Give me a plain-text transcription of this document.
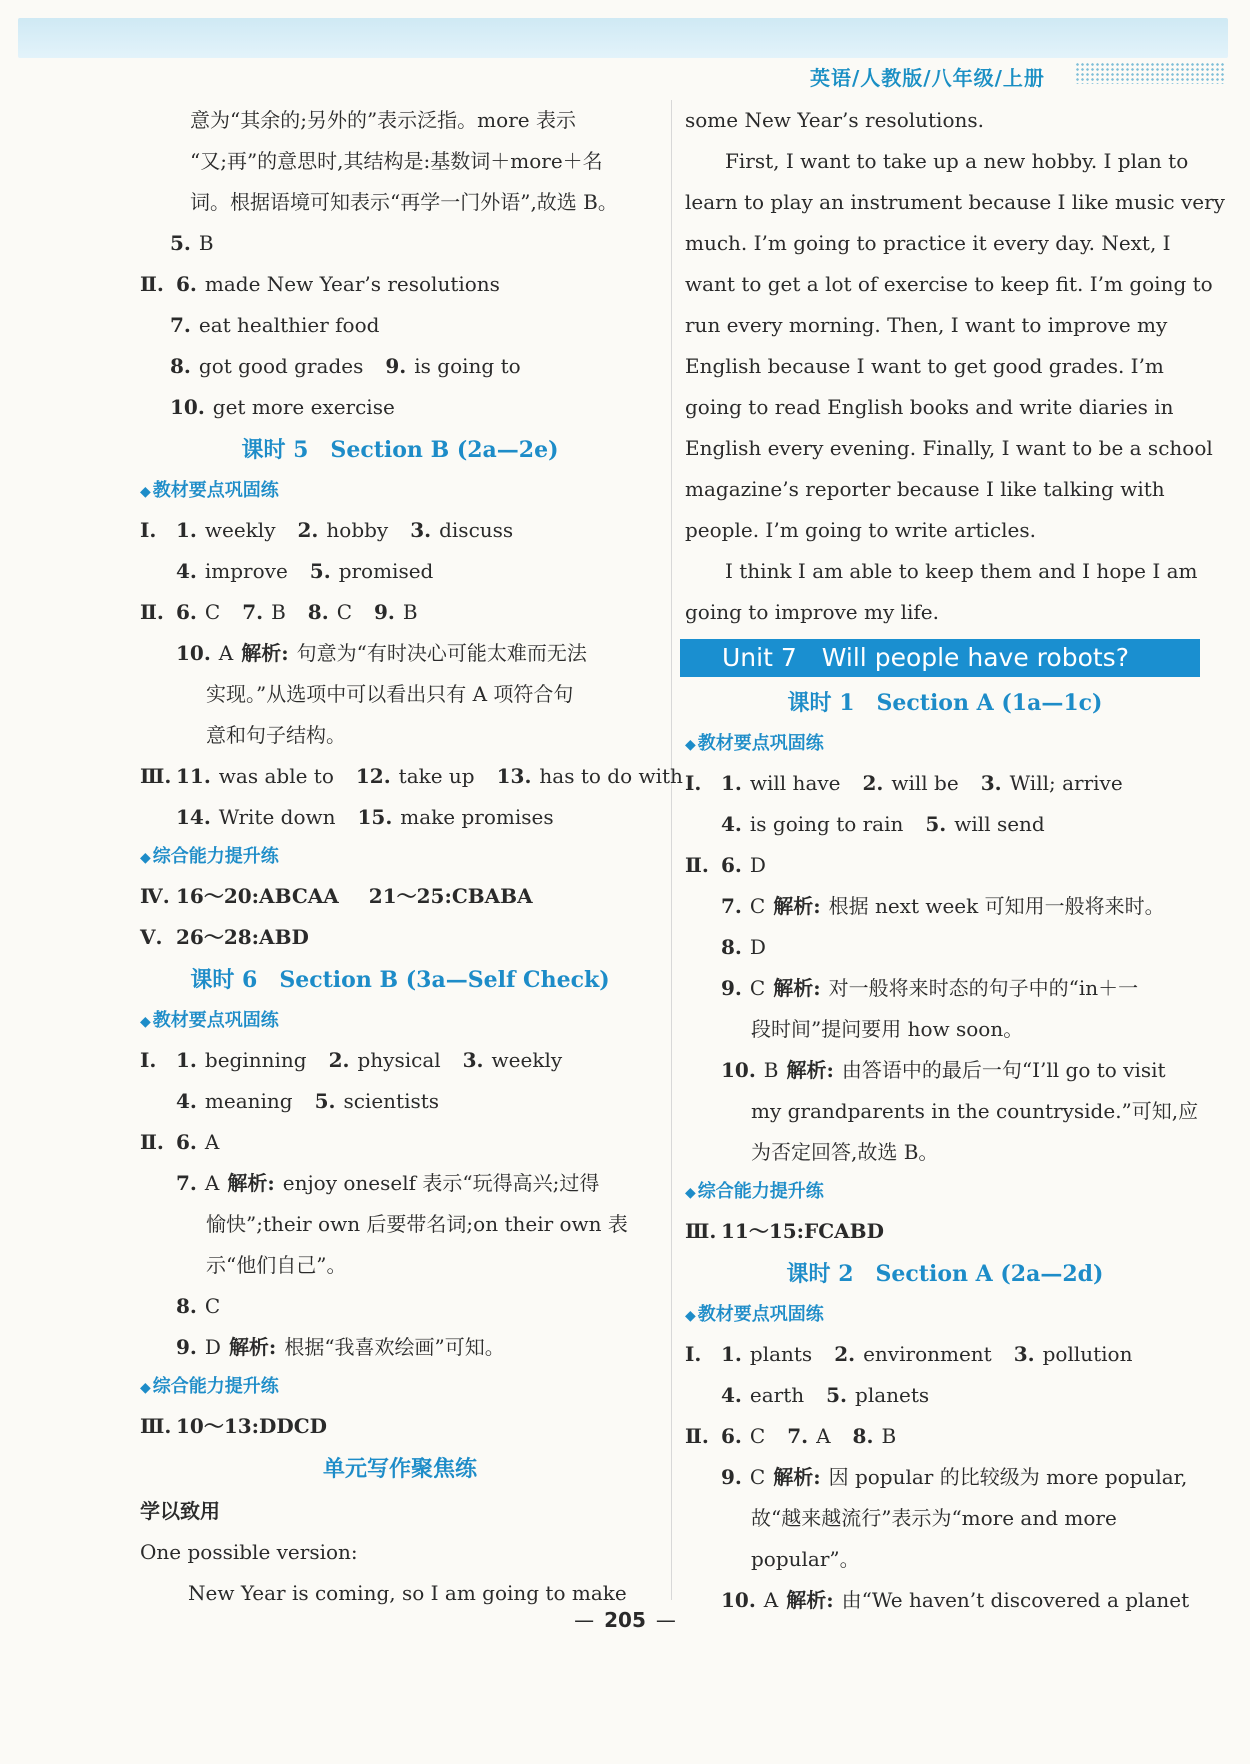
英语/人教版/八年级/上册
意为“其余的;另外的”表示泛指。more 表示
“又;再”的意思时,其结构是:基数词＋more＋名
词。根据语境可知表示“再学一门外语”,故选 B。
5. B
Ⅱ. 6. made New Year’s resolutions
7. eat healthier food
8. got good grades 9. is going to
10. get more exercise
课时 5　Section B (2a—2e)
◆ 教材要点巩固练
Ⅰ. 1. weekly 2. hobby 3. discuss
4. improve 5. promised
Ⅱ. 6. C 7. B 8. C 9. B
10. A 解析: 句意为“有时决心可能太难而无法
实现。”从选项中可以看出只有 A 项符合句
意和句子结构。
Ⅲ. 11. was able to 12. take up 13. has to do with
14. Write down 15. make promises
◆ 综合能力提升练
Ⅳ. 16～20:ABCAA 21～25:CBABA
Ⅴ. 26～28:ABD
课时 6　Section B (3a—Self Check)
◆ 教材要点巩固练
Ⅰ. 1. beginning 2. physical 3. weekly
4. meaning 5. scientists
Ⅱ. 6. A
7. A 解析: enjoy oneself 表示“玩得高兴;过得
愉快”;their own 后要带名词;on their own 表
示“他们自己”。
8. C
9. D 解析: 根据“我喜欢绘画”可知。
◆ 综合能力提升练
Ⅲ. 10～13:DDCD
单元写作聚焦练
学以致用
One possible version:
New Year is coming, so I am going to make
some New Year’s resolutions.
First, I want to take up a new hobby. I plan to
learn to play an instrument because I like music very
much. I’m going to practice it every day. Next, I
want to get a lot of exercise to keep fit. I’m going to
run every morning. Then, I want to improve my
English because I want to get good grades. I’m
going to read English books and write diaries in
English every evening. Finally, I want to be a school
magazine’s reporter because I like talking with
people. I’m going to write articles.
I think I am able to keep them and I hope I am
going to improve my life.
Unit 7　Will people have robots?
课时 1　Section A (1a—1c)
◆ 教材要点巩固练
Ⅰ. 1. will have 2. will be 3. Will; arrive
4. is going to rain 5. will send
Ⅱ. 6. D
7. C 解析: 根据 next week 可知用一般将来时。
8. D
9. C 解析: 对一般将来时态的句子中的“in＋一
段时间”提问要用 how soon。
10. B 解析: 由答语中的最后一句“I’ll go to visit
my grandparents in the countryside.”可知,应
为否定回答,故选 B。
◆ 综合能力提升练
Ⅲ. 11～15:FCABD
课时 2　Section A (2a—2d)
◆ 教材要点巩固练
Ⅰ. 1. plants 2. environment 3. pollution
4. earth 5. planets
Ⅱ. 6. C 7. A 8. B
9. C 解析: 因 popular 的比较级为 more popular,
故“越来越流行”表示为“more and more
popular”。
10. A 解析: 由“We haven’t discovered a planet
— 205 —
